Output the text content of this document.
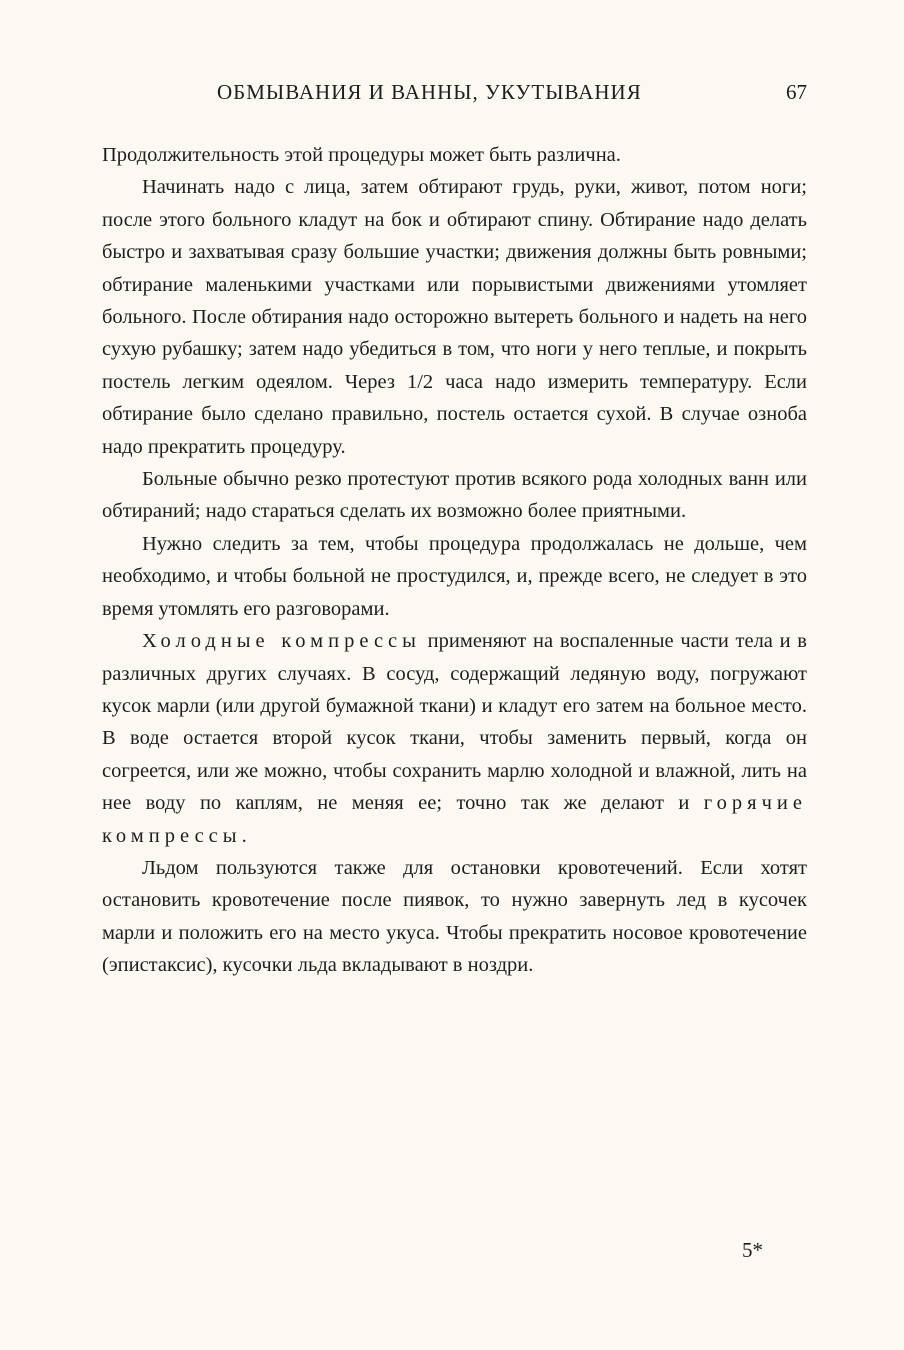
ОБМЫВАНИЯ И ВАННЫ, УКУТЫВАНИЯ	67

Продолжительность этой процедуры может быть различна.

Начинать надо с лица, затем обтирают грудь, руки, живот, потом ноги; после этого больного кладут на бок и обтирают спину. Обтирание надо делать быстро и захватывая сразу большие участки; движения должны быть ровными; обтирание маленькими участками или порывистыми движениями утомляет больного. После обтирания надо осторожно вытереть больного и надеть на него сухую рубашку; затем надо убедиться в том, что ноги у него теплые, и покрыть постель легким одеялом. Через 1/2 часа надо измерить температуру. Если обтирание было сделано правильно, постель остается сухой. В случае озноба надо прекратить процедуру.

Больные обычно резко протестуют против всякого рода холодных ванн или обтираний; надо стараться сделать их возможно более приятными.

Нужно следить за тем, чтобы процедура продолжалась не дольше, чем необходимо, и чтобы больной не простудился, и, прежде всего, не следует в это время утомлять его разговорами.

Холодные компрессы применяют на воспаленные части тела и в различных других случаях. В сосуд, содержащий ледяную воду, погружают кусок марли (или другой бумажной ткани) и кладут его затем на больное место. В воде остается второй кусок ткани, чтобы заменить первый, когда он согреется, или же можно, чтобы сохранить марлю холодной и влажной, лить на нее воду по каплям, не меняя ее; точно так же делают и горячие компрессы.

Льдом пользуются также для остановки кровотечений. Если хотят остановить кровотечение после пиявок, то нужно завернуть лед в кусочек марли и положить его на место укуса. Чтобы прекратить носовое кровотечение (эпистаксис), кусочки льда вкладывают в ноздри.

5*
